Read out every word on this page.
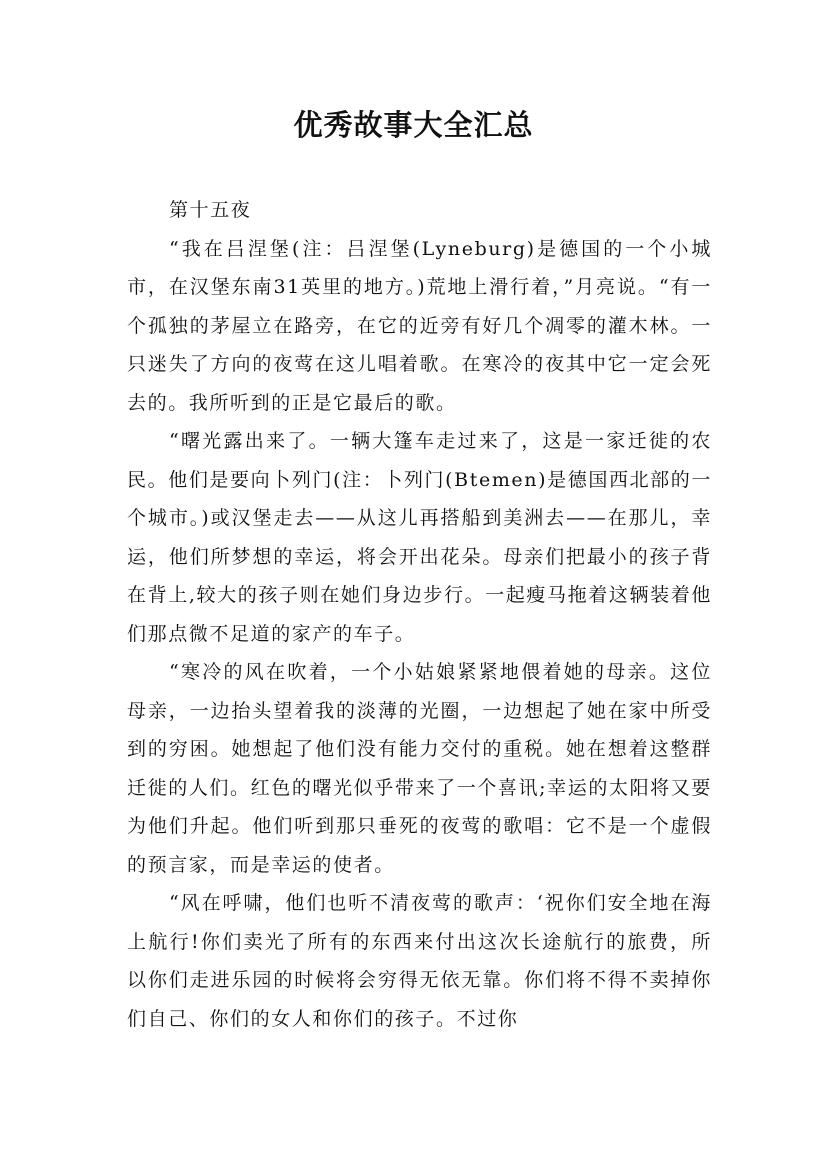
优秀故事大全汇总

第十五夜

“我在吕涅堡(注：吕涅堡(Lyneburg)是德国的一个小城市，在汉堡东南31英里的地方。)荒地上滑行着，”月亮说。“有一个孤独的茅屋立在路旁，在它的近旁有好几个凋零的灌木林。一只迷失了方向的夜莺在这儿唱着歌。在寒冷的夜其中它一定会死去的。我所听到的正是它最后的歌。

“曙光露出来了。一辆大篷车走过来了，这是一家迁徙的农民。他们是要向卜列门(注：卜列门(Btemen)是德国西北部的一个城市。)或汉堡走去——从这儿再搭船到美洲去——在那儿，幸运，他们所梦想的幸运，将会开出花朵。母亲们把最小的孩子背在背上,较大的孩子则在她们身边步行。一起瘦马拖着这辆装着他们那点微不足道的家产的车子。

“寒冷的风在吹着，一个小姑娘紧紧地偎着她的母亲。这位母亲，一边抬头望着我的淡薄的光圈，一边想起了她在家中所受到的穷困。她想起了他们没有能力交付的重税。她在想着这整群迁徙的人们。红色的曙光似乎带来了一个喜讯;幸运的太阳将又要为他们升起。他们听到那只垂死的夜莺的歌唱：它不是一个虚假的预言家，而是幸运的使者。

“风在呼啸，他们也听不清夜莺的歌声：‘祝你们安全地在海上航行!你们卖光了所有的东西来付出这次长途航行的旅费，所以你们走进乐园的时候将会穷得无依无靠。你们将不得不卖掉你们自己、你们的女人和你们的孩子。不过你
